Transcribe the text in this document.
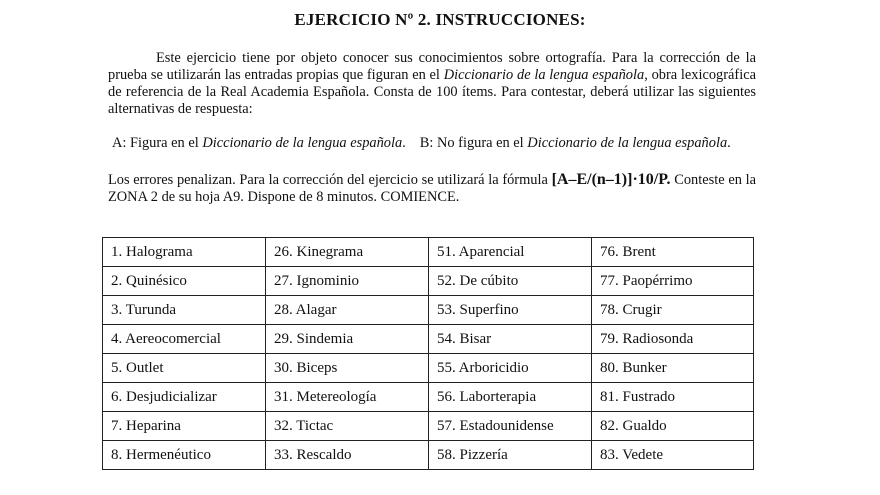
EJERCICIO Nº 2. INSTRUCCIONES:
Este ejercicio tiene por objeto conocer sus conocimientos sobre ortografía. Para la corrección de la prueba se utilizarán las entradas propias que figuran en el Diccionario de la lengua española, obra lexicográfica de referencia de la Real Academia Española. Consta de 100 ítems. Para contestar, deberá utilizar las siguientes alternativas de respuesta:
A: Figura en el Diccionario de la lengua española. B: No figura en el Diccionario de la lengua española.
Los errores penalizan. Para la corrección del ejercicio se utilizará la fórmula [A–E/(n–1)]·10/P. Conteste en la ZONA 2 de su hoja A9. Dispone de 8 minutos. COMIENCE.
1. Halograma	26. Kinegrama	51. Aparencial	76. Brent
2. Quinésico	27. Ignominio	52. De cúbito	77. Paopérrimo
3. Turunda	28. Alagar	53. Superfino	78. Crugir
4. Aereocomercial	29. Sindemia	54. Bisar	79. Radiosonda
5. Outlet	30. Biceps	55. Arboricidio	80. Bunker
6. Desjudicializar	31. Metereología	56. Laborterapia	81. Fustrado
7. Heparina	32. Tictac	57. Estadounidense	82. Gualdo
8. Hermenéutico	33. Rescaldo	58. Pizzería	83. Vedete
